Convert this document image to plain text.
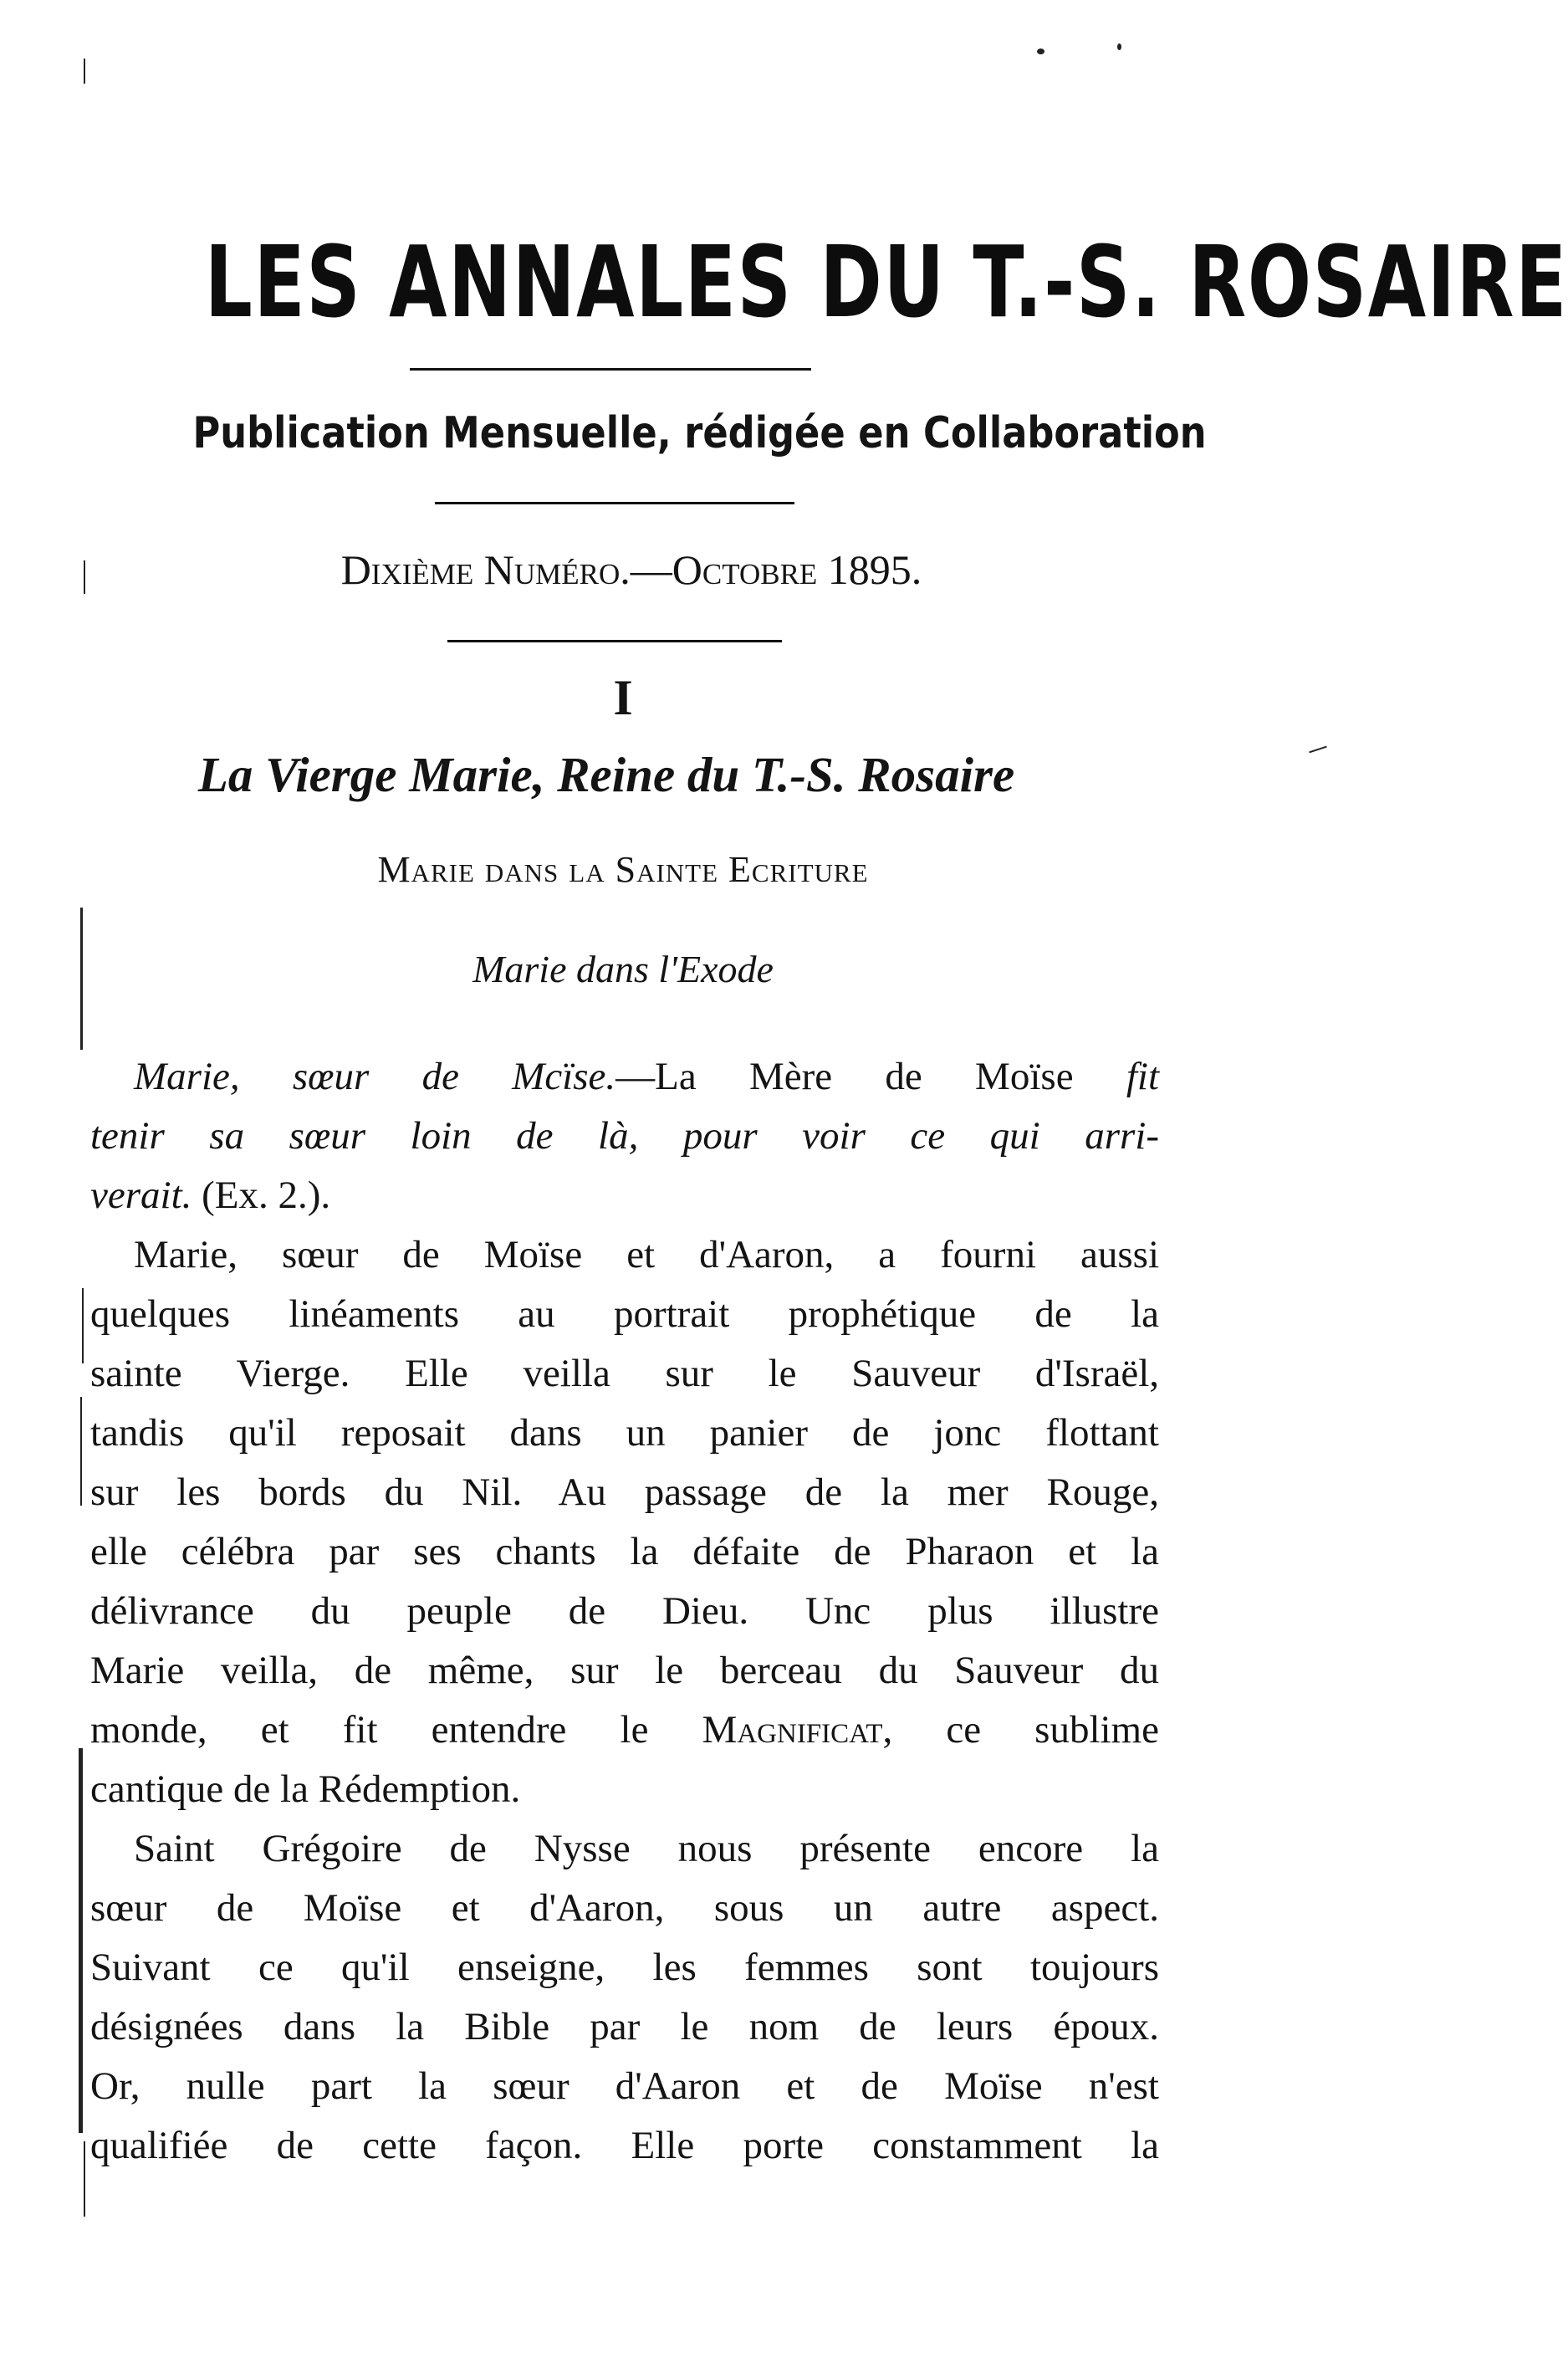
LES ANNALES DU T.-S. ROSAIRE
Publication Mensuelle, rédigée en Collaboration
Dixième Numéro.—Octobre 1895.
I
La Vierge Marie, Reine du T.-S. Rosaire
Marie dans la Sainte Ecriture
Marie dans l'Exode
Marie, sœur de Mcïse.—La Mère de Moïse fit
tenir sa sœur loin de là, pour voir ce qui arri-
verait. (Ex. 2.).
Marie, sœur de Moïse et d'Aaron, a fourni aussi
quelques linéaments au portrait prophétique de la
sainte Vierge. Elle veilla sur le Sauveur d'Israël,
tandis qu'il reposait dans un panier de jonc flottant
sur les bords du Nil. Au passage de la mer Rouge,
elle célébra par ses chants la défaite de Pharaon et la
délivrance du peuple de Dieu. Unc plus illustre
Marie veilla, de même, sur le berceau du Sauveur du
monde, et fit entendre le Magnificat, ce sublime
cantique de la Rédemption.
Saint Grégoire de Nysse nous présente encore la
sœur de Moïse et d'Aaron, sous un autre aspect.
Suivant ce qu'il enseigne, les femmes sont toujours
désignées dans la Bible par le nom de leurs époux.
Or, nulle part la sœur d'Aaron et de Moïse n'est
qualifiée de cette façon. Elle porte constamment la
